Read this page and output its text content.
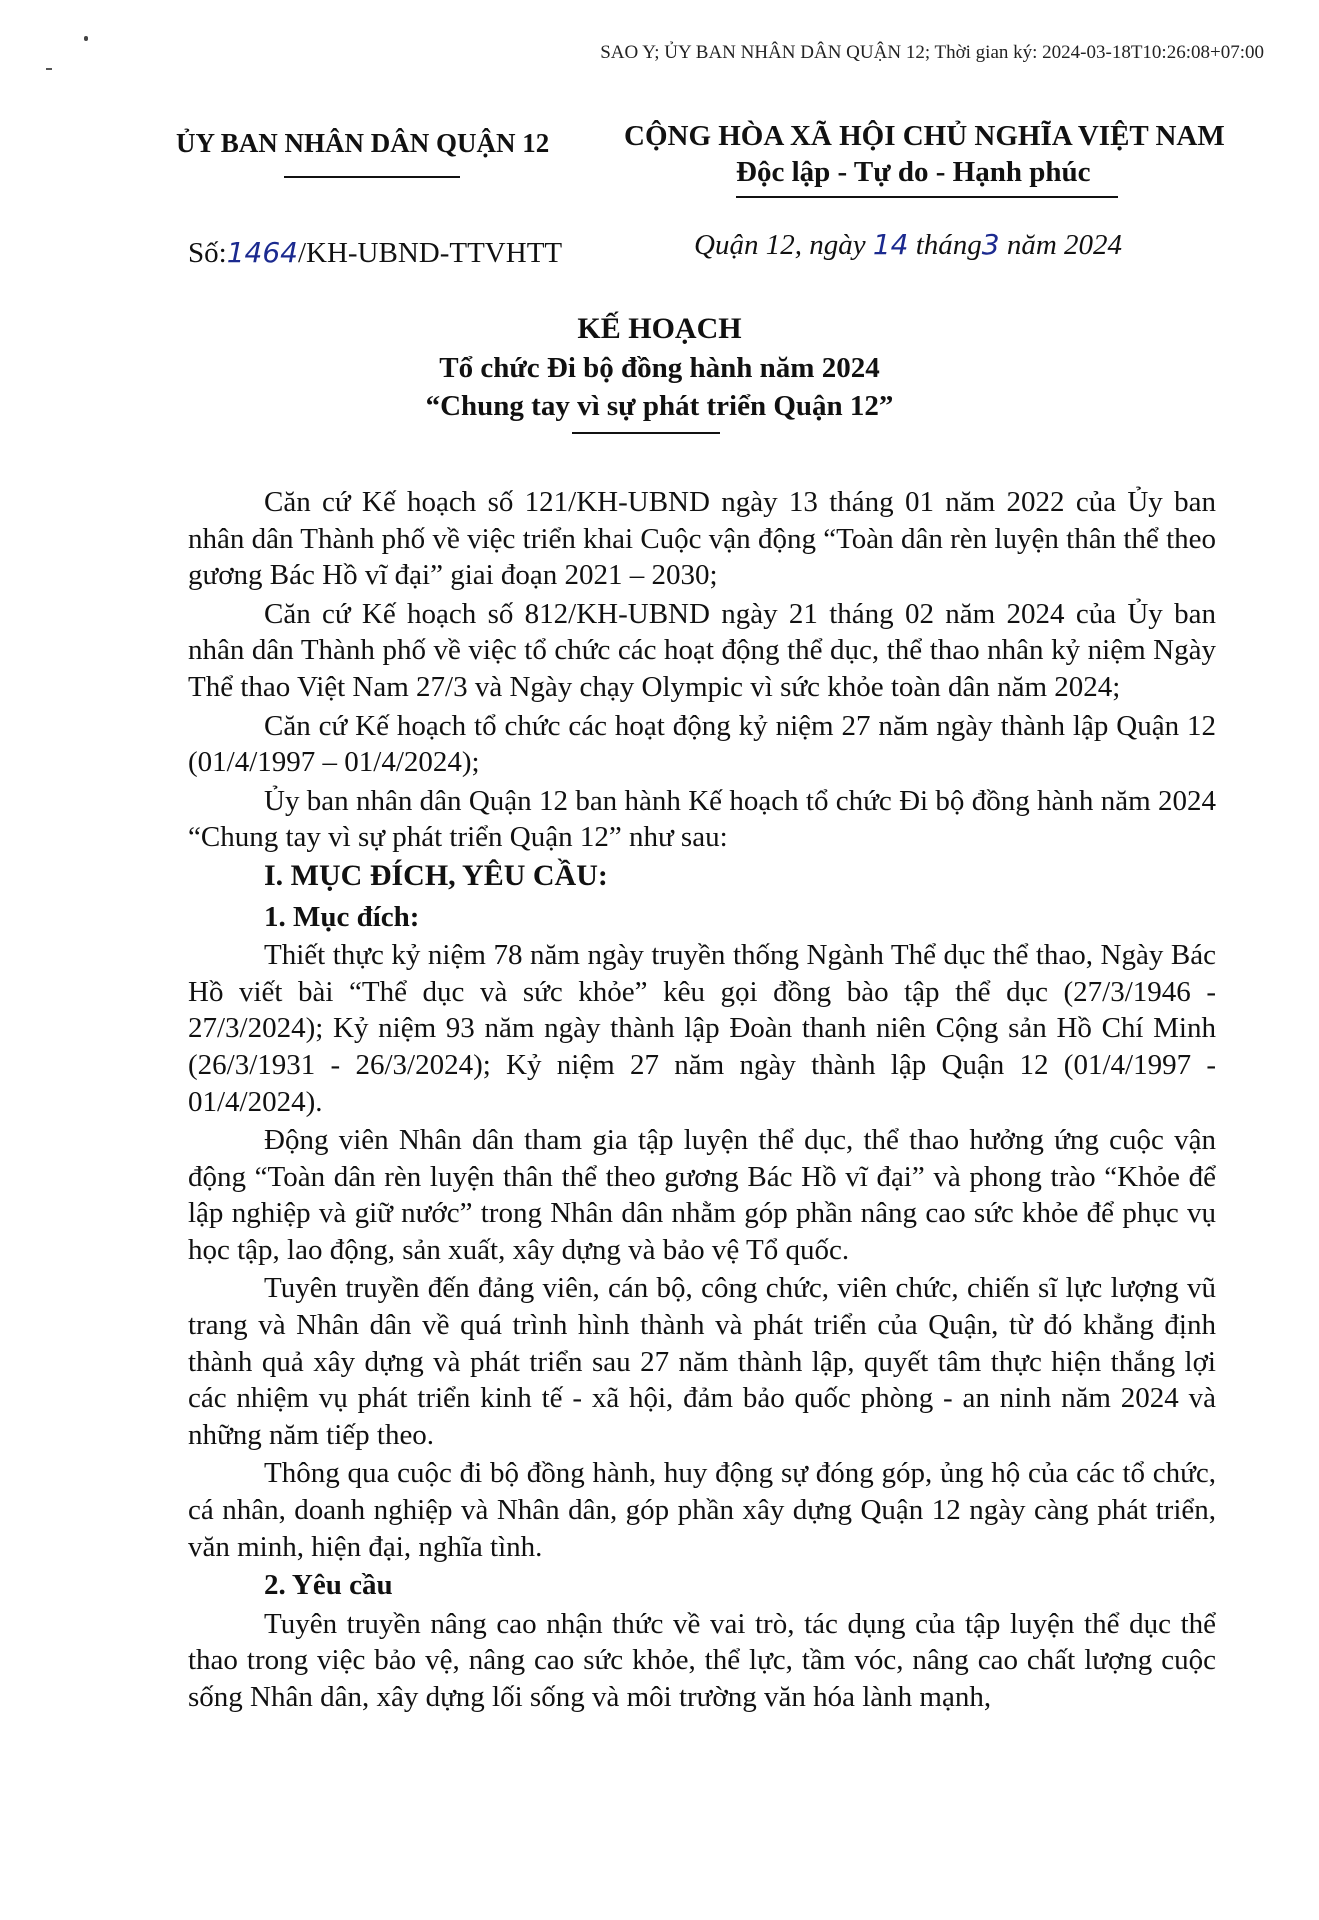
SAO Y; ỦY BAN NHÂN DÂN QUẬN 12; Thời gian ký: 2024-03-18T10:26:08+07:00
ỦY BAN NHÂN DÂN QUẬN 12	CỘNG HÒA XÃ HỘI CHỦ NGHĨA VIỆT NAM
Độc lập - Tự do - Hạnh phúc
Số:1464/KH-UBND-TTVHTT	Quận 12, ngày 14 tháng3 năm 2024
KẾ HOẠCH
Tổ chức Đi bộ đồng hành năm 2024
“Chung tay vì sự phát triển Quận 12”

Căn cứ Kế hoạch số 121/KH-UBND ngày 13 tháng 01 năm 2022 của Ủy ban nhân dân Thành phố về việc triển khai Cuộc vận động “Toàn dân rèn luyện thân thể theo gương Bác Hồ vĩ đại” giai đoạn 2021 – 2030;

Căn cứ Kế hoạch số 812/KH-UBND ngày 21 tháng 02 năm 2024 của Ủy ban nhân dân Thành phố về việc tổ chức các hoạt động thể dục, thể thao nhân kỷ niệm Ngày Thể thao Việt Nam 27/3 và Ngày chạy Olympic vì sức khỏe toàn dân năm 2024;

Căn cứ Kế hoạch tổ chức các hoạt động kỷ niệm 27 năm ngày thành lập Quận 12 (01/4/1997 – 01/4/2024);

Ủy ban nhân dân Quận 12 ban hành Kế hoạch tổ chức Đi bộ đồng hành năm 2024 “Chung tay vì sự phát triển Quận 12” như sau:

I. MỤC ĐÍCH, YÊU CẦU:

1. Mục đích:

Thiết thực kỷ niệm 78 năm ngày truyền thống Ngành Thể dục thể thao, Ngày Bác Hồ viết bài “Thể dục và sức khỏe” kêu gọi đồng bào tập thể dục (27/3/1946 - 27/3/2024); Kỷ niệm 93 năm ngày thành lập Đoàn thanh niên Cộng sản Hồ Chí Minh (26/3/1931 - 26/3/2024); Kỷ niệm 27 năm ngày thành lập Quận 12 (01/4/1997 - 01/4/2024).

Động viên Nhân dân tham gia tập luyện thể dục, thể thao hưởng ứng cuộc vận động “Toàn dân rèn luyện thân thể theo gương Bác Hồ vĩ đại” và phong trào “Khỏe để lập nghiệp và giữ nước” trong Nhân dân nhằm góp phần nâng cao sức khỏe để phục vụ học tập, lao động, sản xuất, xây dựng và bảo vệ Tổ quốc.

Tuyên truyền đến đảng viên, cán bộ, công chức, viên chức, chiến sĩ lực lượng vũ trang và Nhân dân về quá trình hình thành và phát triển của Quận, từ đó khẳng định thành quả xây dựng và phát triển sau 27 năm thành lập, quyết tâm thực hiện thắng lợi các nhiệm vụ phát triển kinh tế - xã hội, đảm bảo quốc phòng - an ninh năm 2024 và những năm tiếp theo.

Thông qua cuộc đi bộ đồng hành, huy động sự đóng góp, ủng hộ của các tổ chức, cá nhân, doanh nghiệp và Nhân dân, góp phần xây dựng Quận 12 ngày càng phát triển, văn minh, hiện đại, nghĩa tình.

2. Yêu cầu

Tuyên truyền nâng cao nhận thức về vai trò, tác dụng của tập luyện thể dục thể thao trong việc bảo vệ, nâng cao sức khỏe, thể lực, tầm vóc, nâng cao chất lượng cuộc sống Nhân dân, xây dựng lối sống và môi trường văn hóa lành mạnh,
